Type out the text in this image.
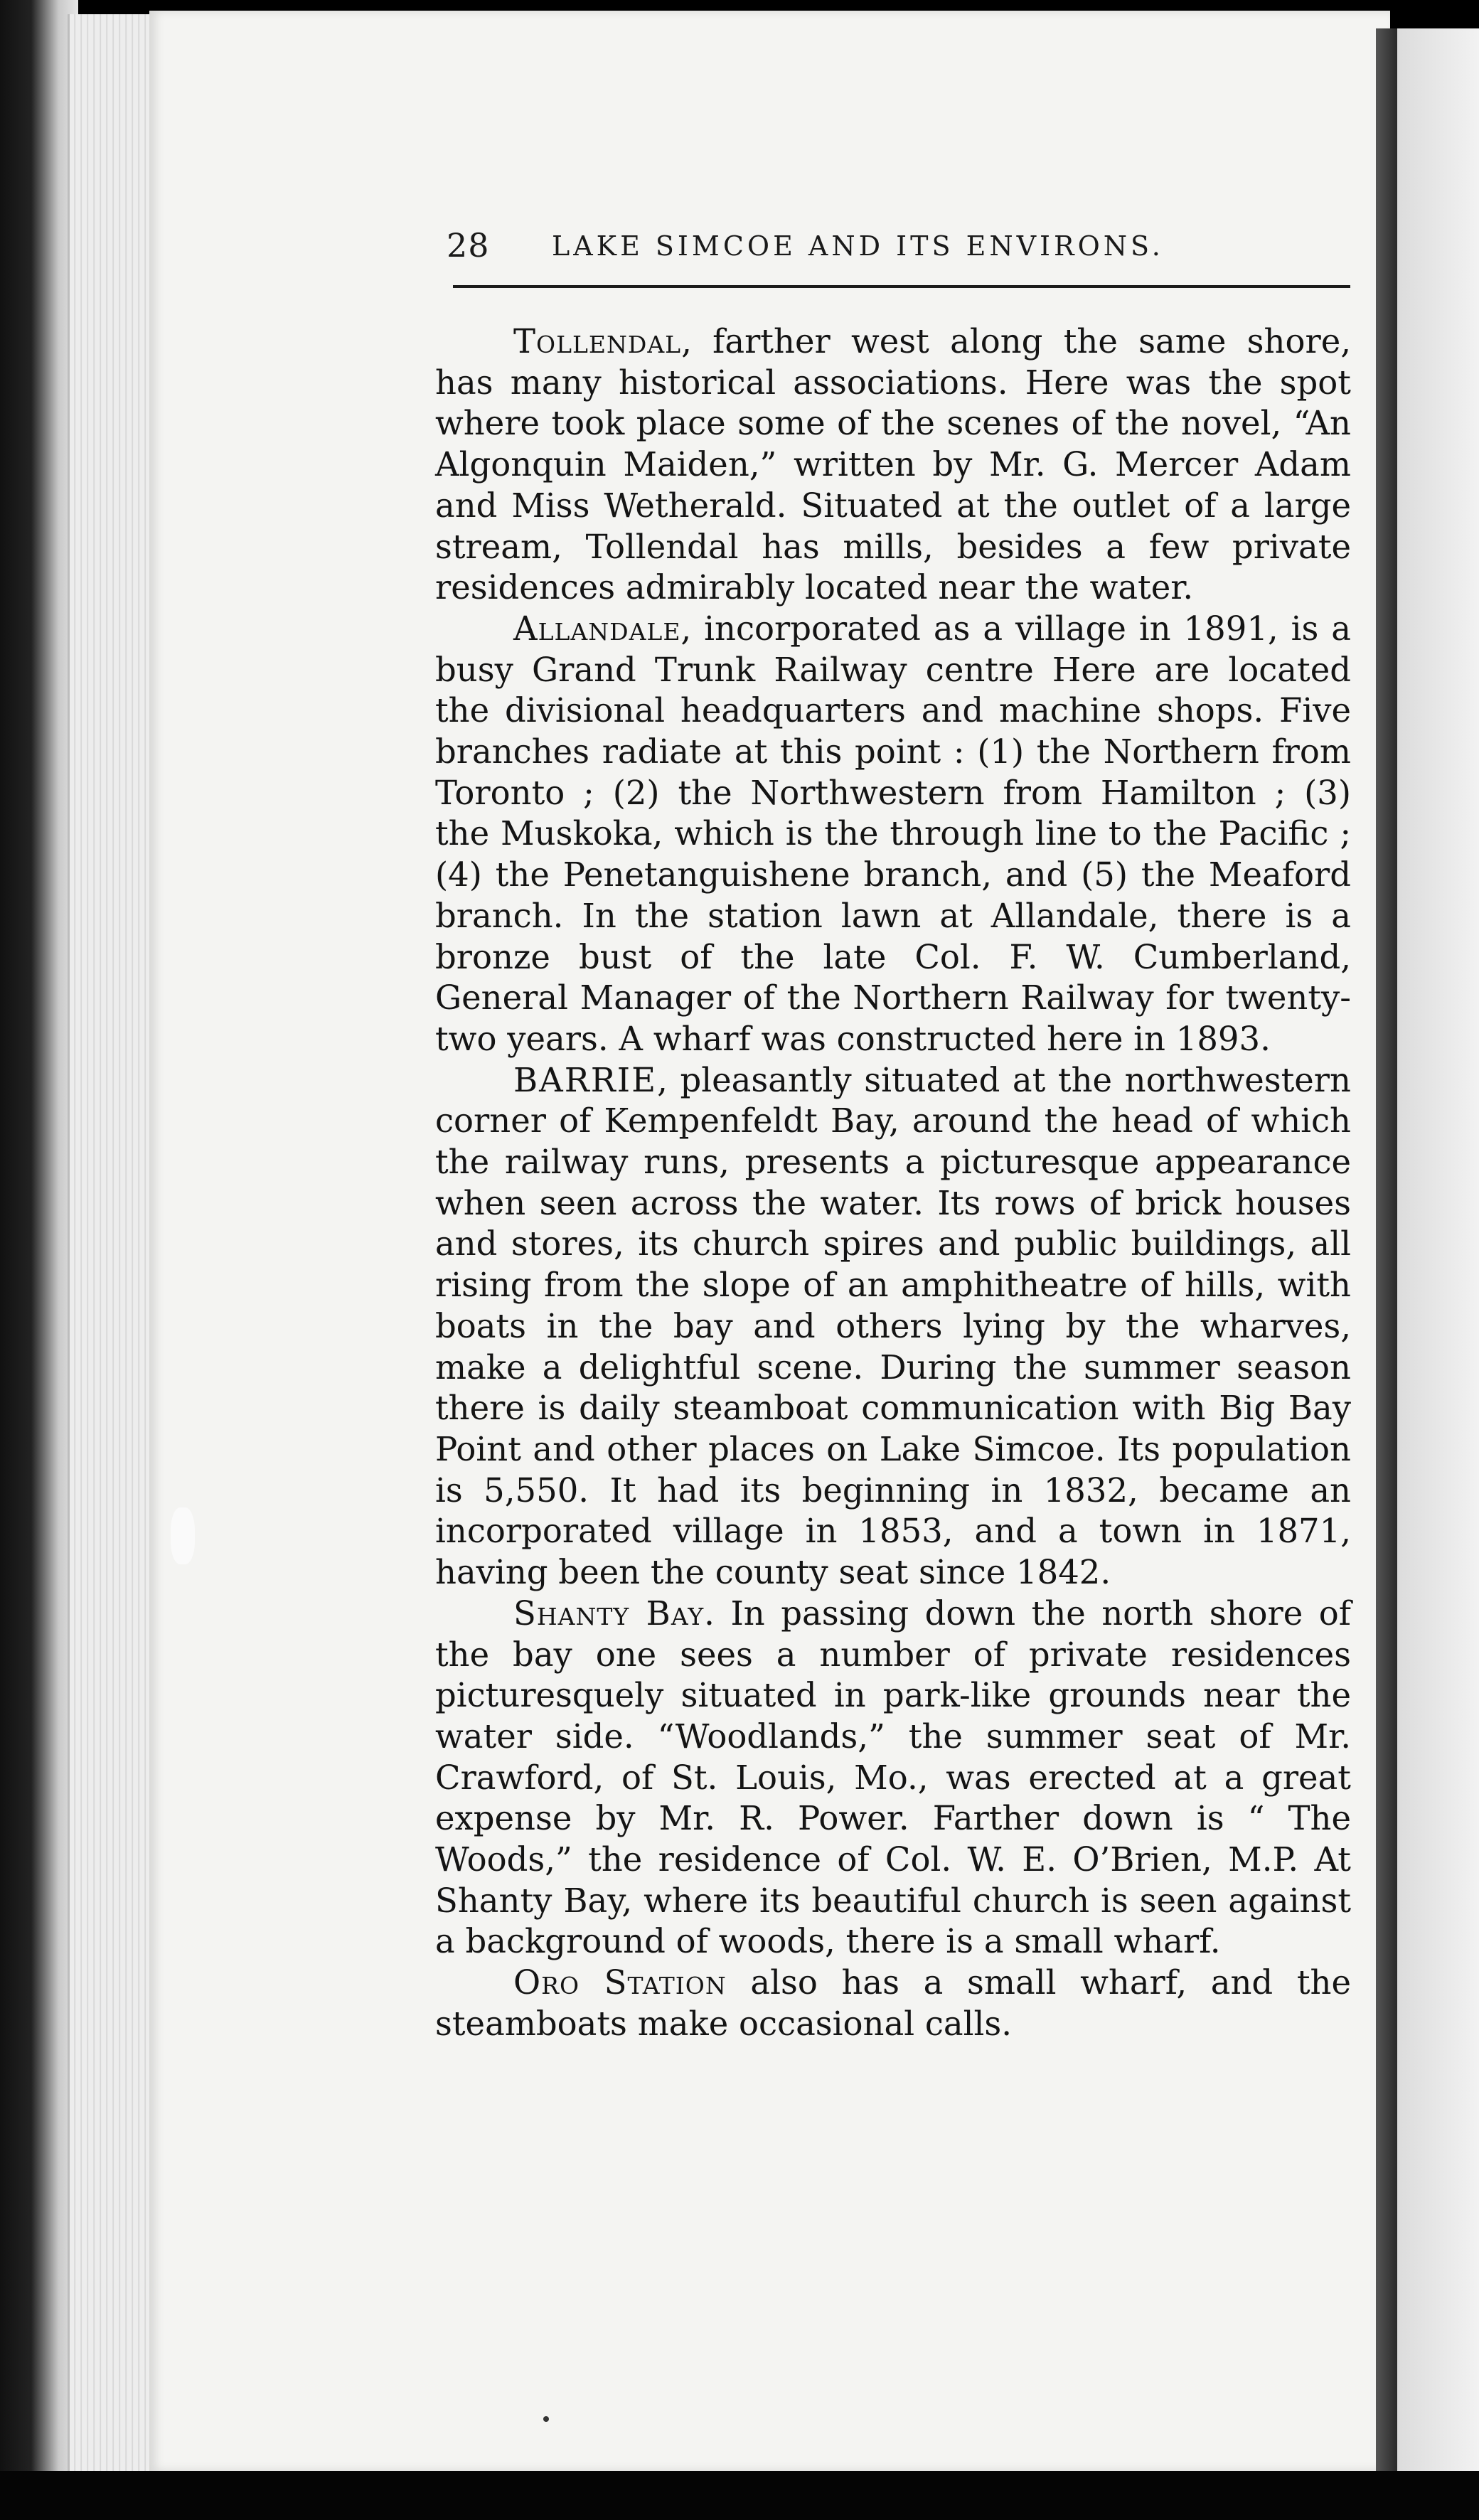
28 LAKE SIMCOE AND ITS ENVIRONS.

Tollendal, farther west along the same shore, has many historical associations. Here was the spot where took place some of the scenes of the novel, “An Algonquin Maiden,” written by Mr. G. Mercer Adam and Miss Wetherald. Situated at the outlet of a large stream, Tollendal has mills, besides a few private residences admirably located near the water.

Allandale, incorporated as a village in 1891, is a busy Grand Trunk Railway centre Here are located the divisional headquarters and machine shops. Five branches radiate at this point : (1) the Northern from Toronto ; (2) the Northwestern from Hamilton ; (3) the Muskoka, which is the through line to the Pacific ; (4) the Penetanguishene branch, and (5) the Meaford branch. In the station lawn at Allandale, there is a bronze bust of the late Col. F. W. Cumberland, General Manager of the Northern Railway for twenty-two years. A wharf was constructed here in 1893.

BARRIE, pleasantly situated at the northwestern corner of Kempenfeldt Bay, around the head of which the railway runs, presents a picturesque appearance when seen across the water. Its rows of brick houses and stores, its church spires and public buildings, all rising from the slope of an amphitheatre of hills, with boats in the bay and others lying by the wharves, make a delightful scene. During the summer season there is daily steamboat communication with Big Bay Point and other places on Lake Simcoe. Its population is 5,550. It had its beginning in 1832, became an incorporated village in 1853, and a town in 1871, having been the county seat since 1842.

Shanty Bay. In passing down the north shore of the bay one sees a number of private residences picturesquely situated in park-like grounds near the water side. “Woodlands,” the summer seat of Mr. Crawford, of St. Louis, Mo., was erected at a great expense by Mr. R. Power. Farther down is “ The Woods,” the residence of Col. W. E. O’Brien, M.P. At Shanty Bay, where its beautiful church is seen against a background of woods, there is a small wharf.

Oro Station also has a small wharf, and the steamboats make occasional calls.
